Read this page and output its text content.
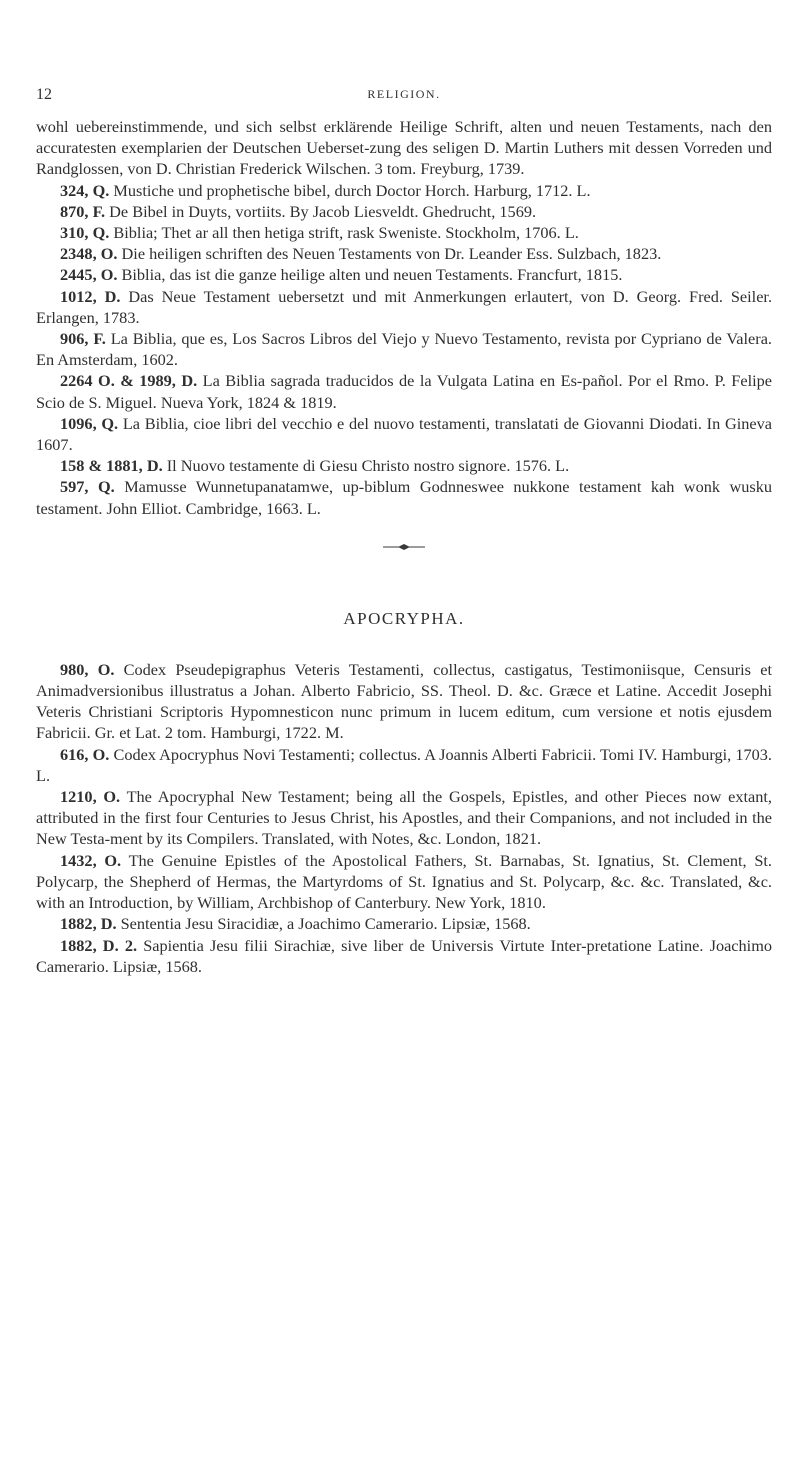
12	RELIGION.

wohl uebereinstimmende, und sich selbst erklärende Heilige Schrift, alten und neuen Testaments, nach den accuratesten exemplarien der Deutschen Ueberset-zung des seligen D. Martin Luthers mit dessen Vorreden und Randglossen, von D. Christian Frederick Wilschen. 3 tom. Freyburg, 1739.

324, Q. Mustiche und prophetische bibel, durch Doctor Horch. Harburg, 1712. L.

870, F. De Bibel in Duyts, vortiits. By Jacob Liesveldt. Ghedrucht, 1569.

310, Q. Biblia; Thet ar all then hetiga strift, rask Sweniste. Stockholm, 1706. L.

2348, O. Die heiligen schriften des Neuen Testaments von Dr. Leander Ess. Sulzbach, 1823.

2445, O. Biblia, das ist die ganze heilige alten und neuen Testaments. Francfurt, 1815.

1012, D. Das Neue Testament uebersetzt und mit Anmerkungen erlautert, von D. Georg. Fred. Seiler. Erlangen, 1783.

906, F. La Biblia, que es, Los Sacros Libros del Viejo y Nuevo Testamento, revista por Cypriano de Valera. En Amsterdam, 1602.

2264 O. & 1989, D. La Biblia sagrada traducidos de la Vulgata Latina en Es-pañol. Por el Rmo. P. Felipe Scio de S. Miguel. Nueva York, 1824 & 1819.

1096, Q. La Biblia, cioe libri del vecchio e del nuovo testamenti, translatati de Giovanni Diodati. In Gineva 1607.

158 & 1881, D. Il Nuovo testamente di Giesu Christo nostro signore. 1576. L.

597, Q. Mamusse Wunnetupanatamwe, up-biblum Godnneswee nukkone testament kah wonk wusku testament. John Elliot. Cambridge, 1663. L.

APOCRYPHA.

980, O. Codex Pseudepigraphus Veteris Testamenti, collectus, castigatus, Testimoniisque, Censuris et Animadversionibus illustratus a Johan. Alberto Fabricio, SS. Theol. D. &c. Græce et Latine. Accedit Josephi Veteris Christiani Scriptoris Hypomnesticon nunc primum in lucem editum, cum versione et notis ejusdem Fabricii. Gr. et Lat. 2 tom. Hamburgi, 1722. M.

616, O. Codex Apocryphus Novi Testamenti; collectus. A Joannis Alberti Fabricii. Tomi IV. Hamburgi, 1703. L.

1210, O. The Apocryphal New Testament; being all the Gospels, Epistles, and other Pieces now extant, attributed in the first four Centuries to Jesus Christ, his Apostles, and their Companions, and not included in the New Testa-ment by its Compilers. Translated, with Notes, &c. London, 1821.

1432, O. The Genuine Epistles of the Apostolical Fathers, St. Barnabas, St. Ignatius, St. Clement, St. Polycarp, the Shepherd of Hermas, the Martyrdoms of St. Ignatius and St. Polycarp, &c. &c. Translated, &c. with an Introduction, by William, Archbishop of Canterbury. New York, 1810.

1882, D. Sententia Jesu Siracidiæ, a Joachimo Camerario. Lipsiæ, 1568.

1882, D. 2. Sapientia Jesu filii Sirachiæ, sive liber de Universis Virtute Inter-pretatione Latine. Joachimo Camerario. Lipsiæ, 1568.
